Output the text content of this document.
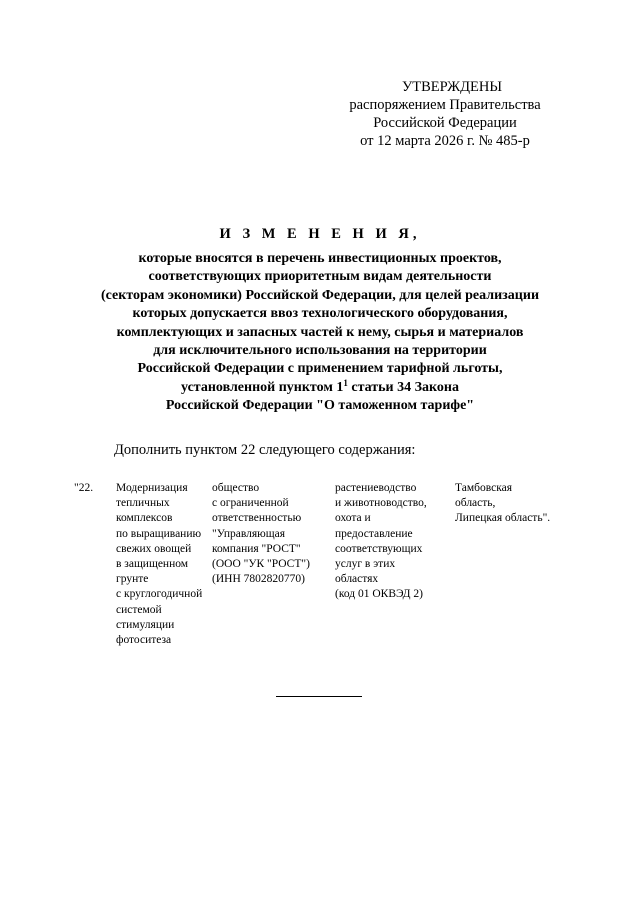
УТВЕРЖДЕНЫ
распоряжением Правительства
Российской Федерации
от 12 марта 2026 г. № 485-р
И З М Е Н Е Н И Я,
которые вносятся в перечень инвестиционных проектов,
соответствующих приоритетным видам деятельности
(секторам экономики) Российской Федерации, для целей реализации
которых допускается ввоз технологического оборудования,
комплектующих и запасных частей к нему, сырья и материалов
для исключительного использования на территории
Российской Федерации с применением тарифной льготы,
установленной пунктом $1^1$ статьи 34 Закона
Российской Федерации "О таможенном тарифе"
Дополнить пунктом 22 следующего содержания:
"22. Модернизация
тепличных
комплексов
по выращиванию
свежих овощей
в защищенном
грунте
с круглогодичной
системой
стимуляции
фотоситеза
общество
с ограниченной
ответственностью
"Управляющая
компания "РОСТ"
(ООО "УК "РОСТ")
(ИНН 7802820770)
растениеводство
и животноводство,
охота и
предоставление
соответствующих
услуг в этих
областях
(код 01 ОКВЭД 2)
Тамбовская
область,
Липецкая область".
